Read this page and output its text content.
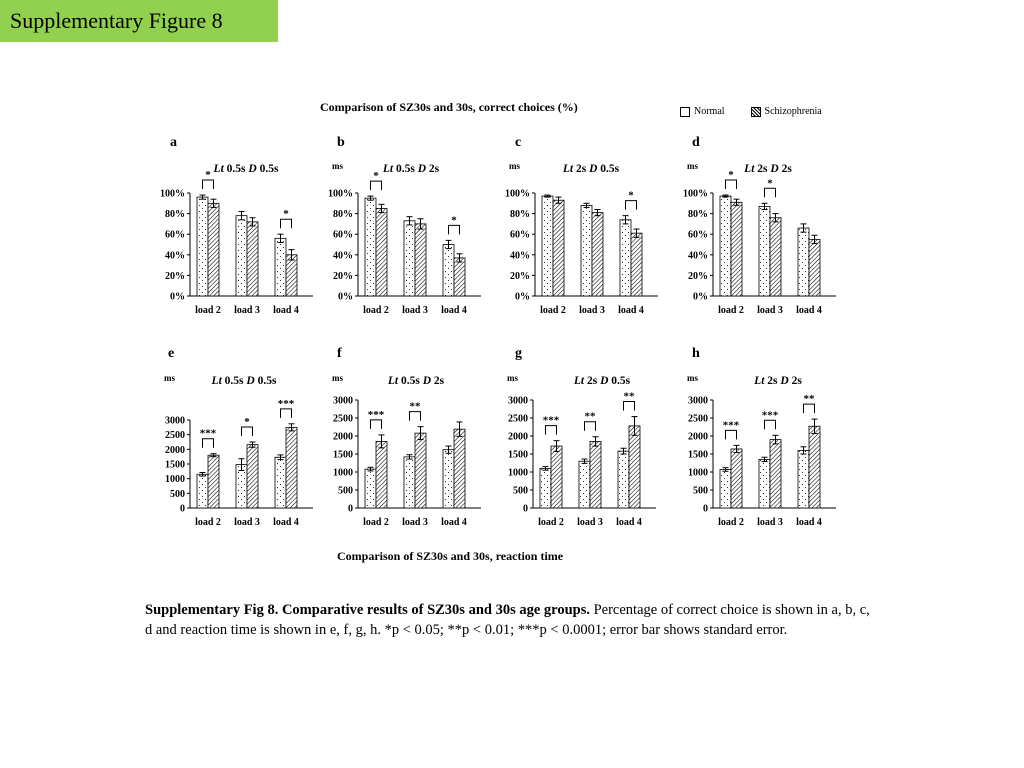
Supplementary Figure 8
Comparison of SZ30s and 30s, correct choices (%)	Normal	Schizophrenia
a
Lt 0.5s D 0.5s
0%
20%
40%
60%
80%
100%
load 2 load 3 load 4
*
*
b
ms	Lt 0.5s D 2s
0%
20%
40%
60%
80%
100%
load 2 load 3 load 4
*
*
c
ms	Lt 2s D 0.5s
0%
20%
40%
60%
80%
100%
load 2 load 3 load 4
*
d
ms	Lt 2s D 2s
0%
20%
40%
60%
80%
100%
load 2 load 3 load 4
*
*
e
ms	Lt 0.5s D 0.5s
0
500
1000
1500
2000
2500
3000
load 2 load 3 load 4
***
*
***
f
ms	Lt 0.5s D 2s
0
500
1000
1500
2000
2500
3000
load 2 load 3 load 4
***
**
g
ms	Lt 2s D 0.5s
0
500
1000
1500
2000
2500
3000
load 2 load 3 load 4
*** **
**
h
ms	Lt 2s D 2s
0
500
1000
1500
2000
2500
3000
load 2 load 3 load 4
***
***
**
Comparison of SZ30s and 30s, reaction time
Supplementary Fig 8. Comparative results of SZ30s and 30s age groups. Percentage of correct choice is shown in a, b, c, d and reaction time is shown in e, f, g, h. *p < 0.05; **p < 0.01; ***p < 0.0001; error bar shows standard error.
